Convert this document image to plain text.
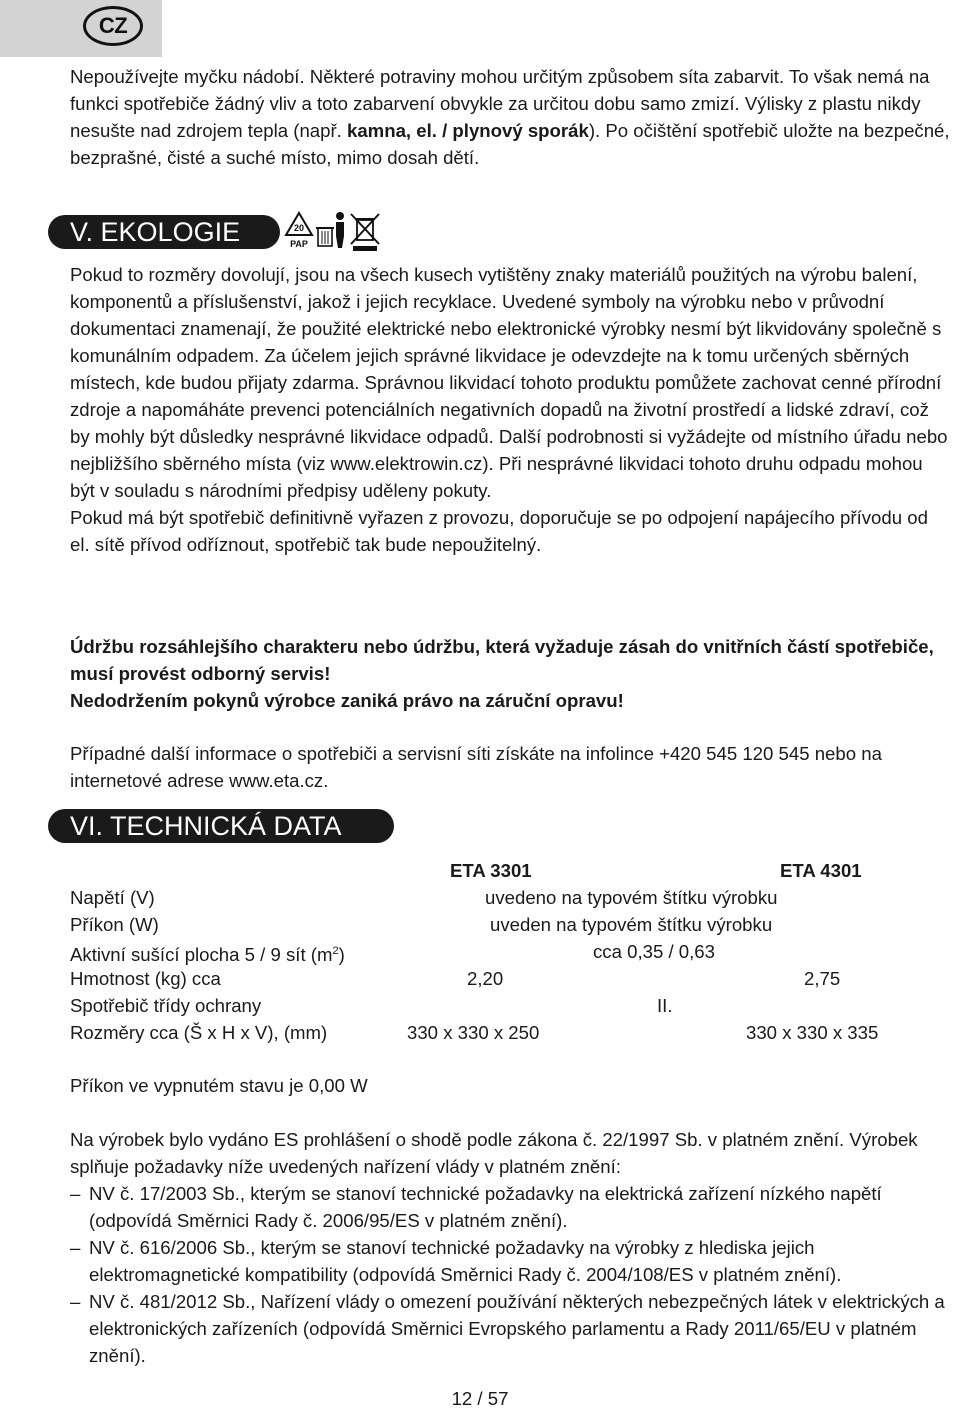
CZ

Nepoužívejte myčku nádobí. Některé potraviny mohou určitým způsobem síta zabarvit. To však nemá na funkci spotřebiče žádný vliv a toto zabarvení obvykle za určitou dobu samo zmizí. Výlisky z plastu nikdy nesušte nad zdrojem tepla (např. kamna, el. / plynový sporák). Po očištění spotřebič uložte na bezpečné, bezprašné, čisté a suché místo, mimo dosah dětí.

V. EKOLOGIE	20
PAP

Pokud to rozměry dovolují, jsou na všech kusech vytištěny znaky materiálů použitých na výrobu balení, komponentů a příslušenství, jakož i jejich recyklace. Uvedené symboly na výrobku nebo v průvodní dokumentaci znamenají, že použité elektrické nebo elektronické výrobky nesmí být likvidovány společně s komunálním odpadem. Za účelem jejich správné likvidace je odevzdejte na k tomu určených sběrných místech, kde budou přijaty zdarma. Správnou likvidací tohoto produktu pomůžete zachovat cenné přírodní zdroje a napomáháte prevenci potenciálních negativních dopadů na životní prostředí a lidské zdraví, což by mohly být důsledky nesprávné likvidace odpadů. Další podrobnosti si vyžádejte od místního úřadu nebo nejbližšího sběrného místa (viz www.elektrowin.cz). Při nesprávné likvidaci tohoto druhu odpadu mohou být v souladu s národními předpisy uděleny pokuty.

Pokud má být spotřebič definitivně vyřazen z provozu, doporučuje se po odpojení napájecího přívodu od el. sítě přívod odříznout, spotřebič tak bude nepoužitelný.

Údržbu rozsáhlejšího charakteru nebo údržbu, která vyžaduje zásah do vnitřních částí spotřebiče, musí provést odborný servis!

Nedodržením pokynů výrobce zaniká právo na záruční opravu!

Případné další informace o spotřebiči a servisní síti získáte na infolince +420 545 120 545 nebo na internetové adrese www.eta.cz.

VI. TECHNICKÁ DATA
ETA 3301	ETA 4301
Napětí (V)	uvedeno na typovém štítku výrobku
Příkon (W)	uveden na typovém štítku výrobku
Aktivní sušící plocha 5 / 9 sít $(m^2)$	cca 0,35 / 0,63
Hmotnost (kg) cca	2,20	2,75
Spotřebič třídy ochrany	II.
Rozměry cca (Š x H x V), (mm)	330 x 330 x 250	330 x 330 x 335

Příkon ve vypnutém stavu je 0,00 W

Na výrobek bylo vydáno ES prohlášení o shodě podle zákona č. 22/1997 Sb. v platném znění. Výrobek splňuje požadavky níže uvedených nařízení vlády v platném znění:

– NV č. 17/2003 Sb., kterým se stanoví technické požadavky na elektrická zařízení nízkého napětí (odpovídá Směrnici Rady č. 2006/95/ES v platném znění).
– NV č. 616/2006 Sb., kterým se stanoví technické požadavky na výrobky z hlediska jejich elektromagnetické kompatibility (odpovídá Směrnici Rady č. 2004/108/ES v platném znění).
– NV č. 481/2012 Sb., Nařízení vlády o omezení používání některých nebezpečných látek v elektrických a elektronických zařízeních (odpovídá Směrnici Evropského parlamentu a Rady 2011/65/EU v platném znění).
12 / 57
